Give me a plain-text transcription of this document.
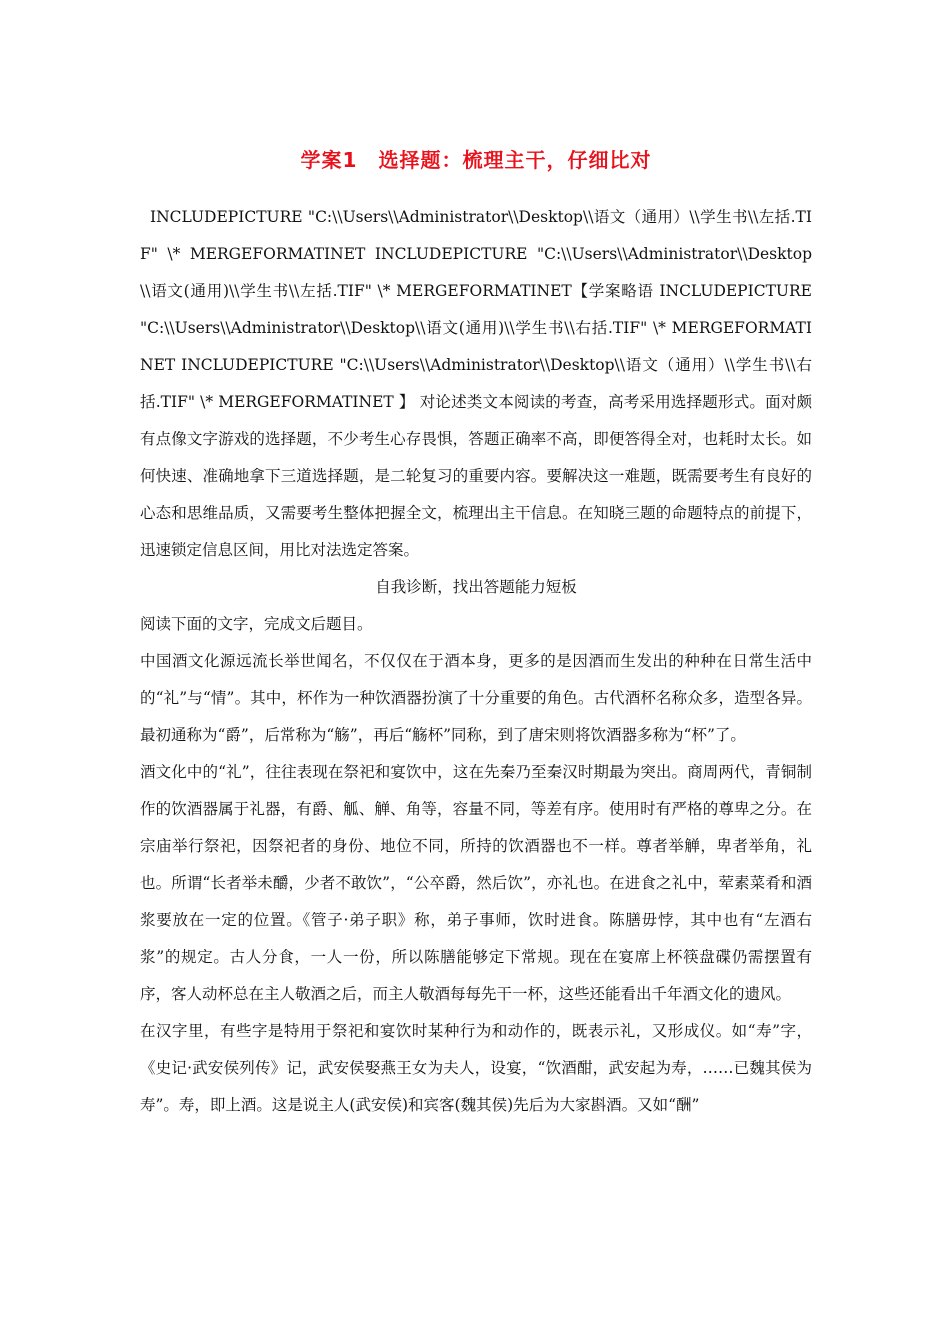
学案1　选择题：梳理主干，仔细比对

INCLUDEPICTURE "C:\\Users\\Administrator\\Desktop\\语文（通用）\\学生书\\左括.TIF" \* MERGEFORMATINET INCLUDEPICTURE "C:\\Users\\Administrator\\Desktop\\语文(通用)\\学生书\\左括.TIF" \* MERGEFORMATINET【学案略语 INCLUDEPICTURE "C:\\Users\\Administrator\\Desktop\\语文(通用)\\学生书\\右括.TIF" \* MERGEFORMATINET INCLUDEPICTURE "C:\\Users\\Administrator\\Desktop\\语文（通用）\\学生书\\右括.TIF" \* MERGEFORMATINET 】 对论述类文本阅读的考查，高考采用选择题形式。面对颇有点像文字游戏的选择题，不少考生心存畏惧，答题正确率不高，即便答得全对，也耗时太长。如何快速、准确地拿下三道选择题，是二轮复习的重要内容。要解决这一难题，既需要考生有良好的心态和思维品质，又需要考生整体把握全文，梳理出主干信息。在知晓三题的命题特点的前提下，迅速锁定信息区间，用比对法选定答案。

自我诊断，找出答题能力短板

阅读下面的文字，完成文后题目。

中国酒文化源远流长举世闻名，不仅仅在于酒本身，更多的是因酒而生发出的种种在日常生活中的“礼”与“情”。其中，杯作为一种饮酒器扮演了十分重要的角色。古代酒杯名称众多，造型各异。最初通称为“爵”，后常称为“觞”，再后“觞杯”同称，到了唐宋则将饮酒器多称为“杯”了。

酒文化中的“礼”，往往表现在祭祀和宴饮中，这在先秦乃至秦汉时期最为突出。商周两代，青铜制作的饮酒器属于礼器，有爵、觚、觯、角等，容量不同，等差有序。使用时有严格的尊卑之分。在宗庙举行祭祀，因祭祀者的身份、地位不同，所持的饮酒器也不一样。尊者举觯，卑者举角，礼也。所谓“长者举未釂，少者不敢饮”，“公卒爵，然后饮”，亦礼也。在进食之礼中，荤素菜肴和酒浆要放在一定的位置。《管子·弟子职》称，弟子事师，饮时进食。陈膳毋悖，其中也有“左酒右浆”的规定。古人分食，一人一份，所以陈膳能够定下常规。现在在宴席上杯筷盘碟仍需摆置有序，客人动杯总在主人敬酒之后，而主人敬酒每每先干一杯，这些还能看出千年酒文化的遗风。

在汉字里，有些字是特用于祭祀和宴饮时某种行为和动作的，既表示礼，又形成仪。如“寿”字，《史记·武安侯列传》记，武安侯娶燕王女为夫人，设宴，“饮酒酣，武安起为寿，……已魏其侯为寿”。寿，即上酒。这是说主人(武安侯)和宾客(魏其侯)先后为大家斟酒。又如“酬”
